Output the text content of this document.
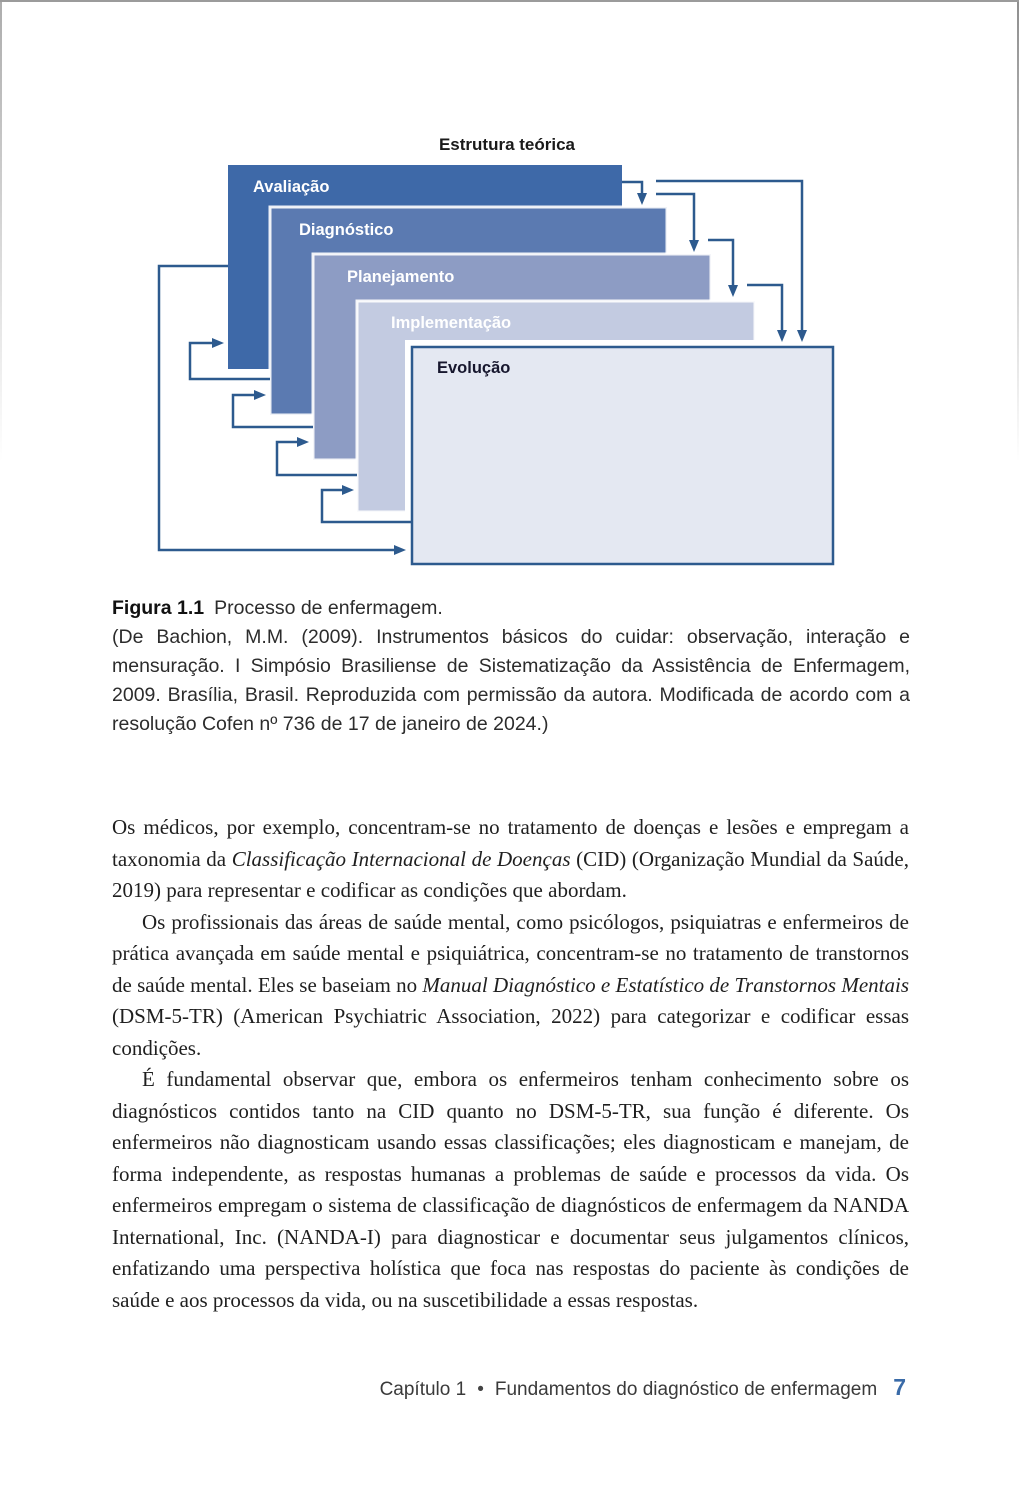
Estrutura teórica
Avaliação
Diagnóstico
Planejamento
Implementação
Evolução
Figura 1.1 Processo de enfermagem.
(De Bachion, M.M. (2009). Instrumentos básicos do cuidar: observação, interação e mensuração. I Simpósio Brasiliense de Sistematização da Assistência de Enfermagem, 2009. Brasília, Brasil. Reproduzida com permissão da autora. Modificada de acordo com a resolução Cofen nº 736 de 17 de janeiro de 2024.)

Os médicos, por exemplo, concentram-se no tratamento de doenças e lesões e empregam a taxonomia da Classificação Internacional de Doenças (CID) (Organização Mundial da Saúde, 2019) para representar e codificar as condições que abordam.

Os profissionais das áreas de saúde mental, como psicólogos, psiquiatras e enfermeiros de prática avançada em saúde mental e psiquiátrica, concentram-se no tratamento de transtornos de saúde mental. Eles se baseiam no Manual Diagnóstico e Estatístico de Transtornos Mentais (DSM-5-TR) (American Psychiatric Association, 2022) para categorizar e codificar essas condições.

É fundamental observar que, embora os enfermeiros tenham conhecimento sobre os diagnósticos contidos tanto na CID quanto no DSM-5-TR, sua função é diferente. Os enfermeiros não diagnosticam usando essas classificações; eles diagnosticam e manejam, de forma independente, as respostas humanas a problemas de saúde e processos da vida. Os enfermeiros empregam o sistema de classificação de diagnósticos de enfermagem da NANDA International, Inc. (NANDA-I) para diagnosticar e documentar seus julgamentos clínicos, enfatizando uma perspectiva holística que foca nas respostas do paciente às condições de saúde e aos processos da vida, ou na suscetibilidade a essas respostas.

Capítulo 1 • Fundamentos do diagnóstico de enfermagem 7
